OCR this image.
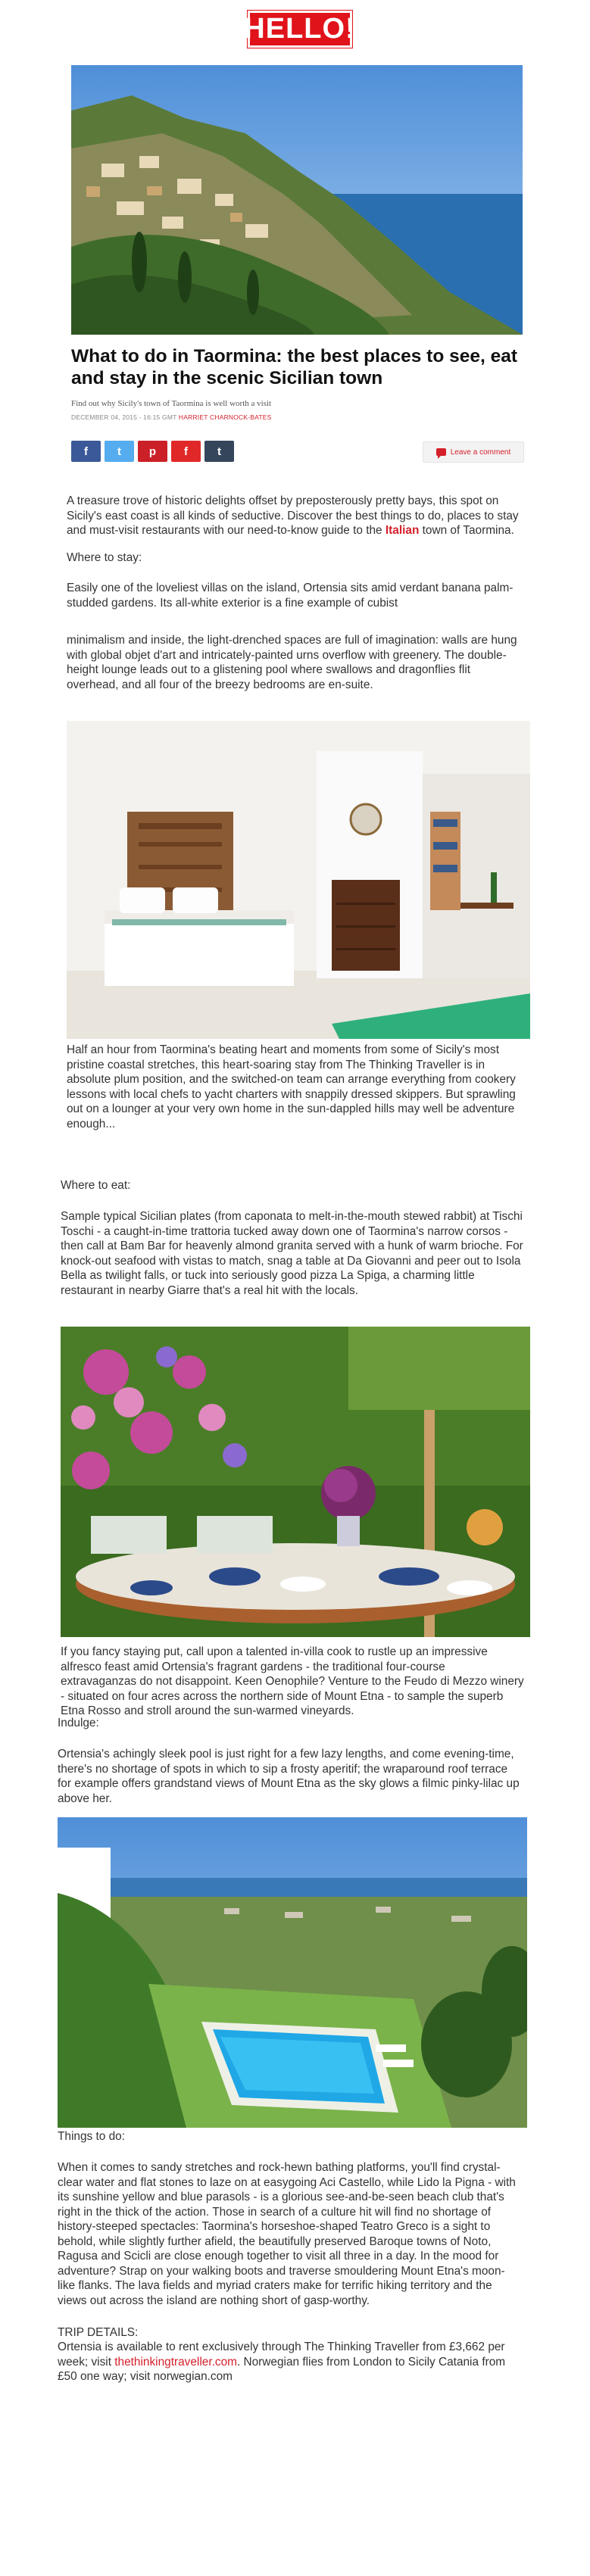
HELLO!
What to do in Taormina: the best places to see, eat and stay in the scenic Sicilian town
Find out why Sicily's town of Taormina is well worth a visit
DECEMBER 04, 2015 - 16:15 GMT HARRIET CHARNOCK-BATES
f	t p f	t	Leave a comment

A treasure trove of historic delights offset by preposterously pretty bays, this spot on Sicily's east coast is all kinds of seductive. Discover the best things to do, places to stay and must-visit restaurants with our need-to-know guide to the Italian town of Taormina.

Where to stay:

Easily one of the loveliest villas on the island, Ortensia sits amid verdant banana palm-studded gardens. Its all-white exterior is a fine example of cubist

minimalism and inside, the light-drenched spaces are full of imagination: walls are hung with global objet d'art and intricately-painted urns overflow with greenery. The double-height lounge leads out to a glistening pool where swallows and dragonflies flit overhead, and all four of the breezy bedrooms are en-suite.

Half an hour from Taormina's beating heart and moments from some of Sicily's most pristine coastal stretches, this heart-soaring stay from The Thinking Traveller is in absolute plum position, and the switched-on team can arrange everything from cookery lessons with local chefs to yacht charters with snappily dressed skippers. But sprawling out on a lounger at your very own home in the sun-dappled hills may well be adventure enough...

Where to eat:

Sample typical Sicilian plates (from caponata to melt-in-the-mouth stewed rabbit) at Tischi Toschi - a caught-in-time trattoria tucked away down one of Taormina's narrow corsos - then call at Bam Bar for heavenly almond granita served with a hunk of warm brioche. For knock-out seafood with vistas to match, snag a table at Da Giovanni and peer out to Isola Bella as twilight falls, or tuck into seriously good pizza La Spiga, a charming little restaurant in nearby Giarre that's a real hit with the locals.

If you fancy staying put, call upon a talented in-villa cook to rustle up an impressive alfresco feast amid Ortensia's fragrant gardens - the traditional four-course extravaganzas do not disappoint. Keen Oenophile? Venture to the Feudo di Mezzo winery - situated on four acres across the northern side of Mount Etna - to sample the superb Etna Rosso and stroll around the sun-warmed vineyards.

Indulge:

Ortensia's achingly sleek pool is just right for a few lazy lengths, and come evening-time, there's no shortage of spots in which to sip a frosty aperitif; the wraparound roof terrace for example offers grandstand views of Mount Etna as the sky glows a filmic pinky-lilac up above her.

Things to do:

When it comes to sandy stretches and rock-hewn bathing platforms, you'll find crystal-clear water and flat stones to laze on at easygoing Aci Castello, while Lido la Pigna - with its sunshine yellow and blue parasols - is a glorious see-and-be-seen beach club that's right in the thick of the action. Those in search of a culture hit will find no shortage of history-steeped spectacles: Taormina's horseshoe-shaped Teatro Greco is a sight to behold, while slightly further afield, the beautifully preserved Baroque towns of Noto, Ragusa and Scicli are close enough together to visit all three in a day. In the mood for adventure? Strap on your walking boots and traverse smouldering Mount Etna's moon-like flanks. The lava fields and myriad craters make for terrific hiking territory and the views out across the island are nothing short of gasp-worthy.

TRIP DETAILS:

Ortensia is available to rent exclusively through The Thinking Traveller from £3,662 per week; visit thethinkingtraveller.com. Norwegian flies from London to Sicily Catania from £50 one way; visit norwegian.com
